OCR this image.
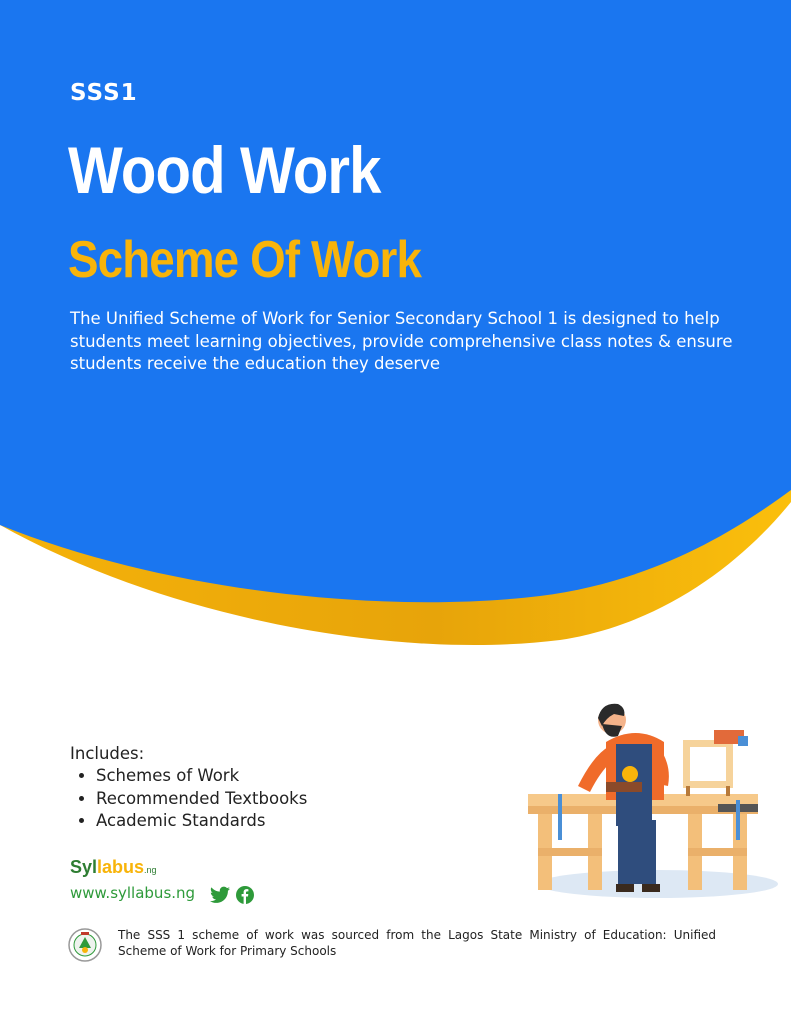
SSS1
Wood Work
Scheme Of Work
The Unified Scheme of Work for Senior Secondary School 1 is designed to help students meet learning objectives, provide comprehensive class notes & ensure students receive the education they deserve
Includes:
• Schemes of Work
• Recommended Textbooks
• Academic Standards
Syllabus.ng
www.syllabus.ng
The SSS 1 scheme of work was sourced from the Lagos State Ministry of Education: Unified Scheme of Work for Primary Schools
